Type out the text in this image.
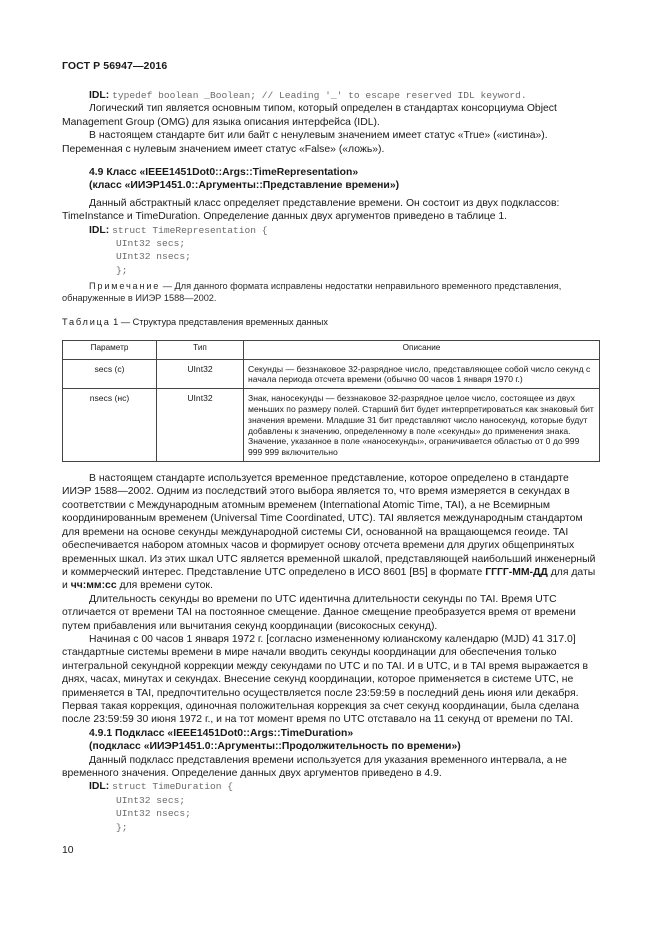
ГОСТ Р 56947—2016

IDL: typedef boolean _Boolean; // Leading '_' to escape reserved IDL keyword.

Логический тип является основным типом, который определен в стандартах консорциума Object Management Group (OMG) для языка описания интерфейса (IDL).

В настоящем стандарте бит или байт с ненулевым значением имеет статус «True» («истина»). Переменная с нулевым значением имеет статус «False» («ложь»).

4.9 Класс «IEEE1451Dot0::Args::TimeRepresentation»
(класс «ИИЭР1451.0::Аргументы::Представление времени»)

Данный абстрактный класс определяет представление времени. Он состоит из двух подклассов: TimeInstance и TimeDuration. Определение данных двух аргументов приведено в таблице 1.

IDL: struct TimeRepresentation {

UInt32 secs;

UInt32 nsecs;

};

Примечание — Для данного формата исправлены недостатки неправильного временного представления, обнаруженные в ИИЭР 1588—2002.

Таблица 1 — Структура представления временных данных
Параметр	Тип	Описание
secs (с)	UInt32	Секунды — беззнаковое 32-разрядное число, представляющее собой число секунд с начала периода отсчета времени (обычно 00 часов 1 января 1970 г.)
nsecs (нс)	UInt32	Знак, наносекунды — беззнаковое 32-разрядное целое число, состоящее из двух меньших по размеру полей. Старший бит будет интерпретироваться как знаковый бит значения времени. Младшие 31 бит представляют число наносекунд, которые будут добавлены к значению, определенному в поле «секунды» до применения знака. Значение, указанное в поле «наносекунды», ограничивается областью от 0 до 999 999 999 включительно

В настоящем стандарте используется временное представление, которое определено в стандарте ИИЭР 1588—2002. Одним из последствий этого выбора является то, что время измеряется в секундах в соответствии с Международным атомным временем (International Atomic Time, TAI), а не Всемирным координированным временем (Universal Time Coordinated, UTC). TAI является международным стандартом для времени на основе секунды международной системы СИ, основанной на вращающемся геоиде. TAI обеспечивается набором атомных часов и формирует основу отсчета времени для других общепринятых временных шкал. Из этих шкал UTC является временной шкалой, представляющей наибольший инженерный и коммерческий интерес. Представление UTC определено в ИСО 8601 [B5] в формате ГГГГ-ММ-ДД для даты и чч:мм:сс для времени суток.

Длительность секунды во времени по UTC идентична длительности секунды по TAI. Время UTC отличается от времени TAI на постоянное смещение. Данное смещение преобразуется время от времени путем прибавления или вычитания секунд координации (високосных секунд).

Начиная с 00 часов 1 января 1972 г. [согласно измененному юлианскому календарю (MJD) 41 317.0] стандартные системы времени в мире начали вводить секунды координации для обеспечения только интегральной секундной коррекции между секундами по UTC и по TAI. И в UTC, и в TAI время выражается в днях, часах, минутах и секундах. Внесение секунд координации, которое применяется в системе UTC, не применяется в TAI, предпочтительно осуществляется после 23:59:59 в последний день июня или декабря. Первая такая коррекция, одиночная положительная коррекция за счет секунд координации, была сделана после 23:59:59 30 июня 1972 г., и на тот момент время по UTC отставало на 11 секунд от времени по TAI.

4.9.1 Подкласс «IEEE1451Dot0::Args::TimeDuration»
(подкласс «ИИЭР1451.0::Аргументы::Продолжительность по времени»)

Данный подкласс представления времени используется для указания временного интервала, а не временного значения. Определение данных двух аргументов приведено в 4.9.

IDL: struct TimeDuration {

UInt32 secs;

UInt32 nsecs;

};

10
